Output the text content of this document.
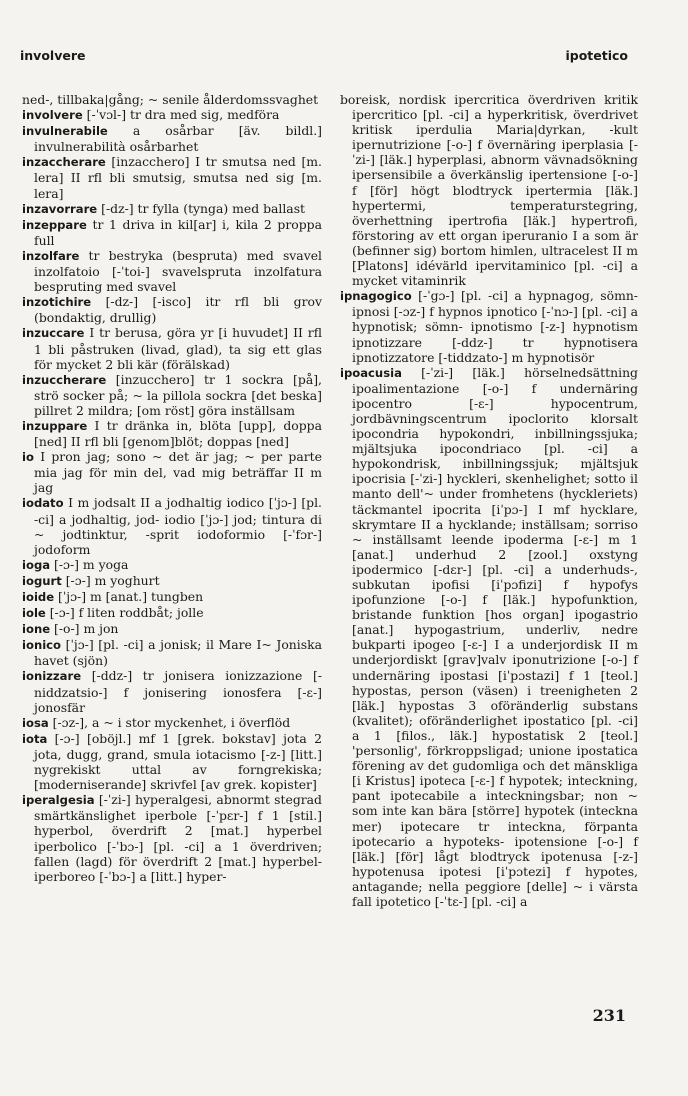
involvere	ipotetico

ned-, tillbaka|gång; ~ senile ålderdomssvaghet

involvere [-ˈvɔl-] tr dra med sig, medföra

invulnerabile a osårbar [äv. bildl.] invulnerabilità osårbarhet

inzaccherare [inzacchero] I tr smutsa ned [m. lera] II rfl bli smutsig, smutsa ned sig [m. lera]

inzavorrare [-dz-] tr fylla (tynga) med ballast

inzeppare tr 1 driva in kil[ar] i, kila 2 proppa full

inzolfare tr bestryka (bespruta) med svavel inzolfatoio [-ˈtoi-] svavelspruta inzolfatura bespruting med svavel

inzotichire [-dz-] [-isco] itr rfl bli grov (bondaktig, drullig)

inzuccare I tr berusa, göra yr [i huvudet] II rfl 1 bli påstruken (livad, glad), ta sig ett glas för mycket 2 bli kär (förälskad)

inzuccherare [inzucchero] tr 1 sockra [på], strö socker på; ~ la pillola sockra [det beska] pillret 2 mildra; [om röst] göra inställsam

inzuppare I tr dränka in, blöta [upp], doppa [ned] II rfl bli [genom]blöt; doppas [ned]

io I pron jag; sono ~ det är jag; ~ per parte mia jag för min del, vad mig beträffar II m jag

iodato I m jodsalt II a jodhaltig iodico [ˈjɔ-] [pl. -ci] a jodhaltig, jod- iodio [ˈjɔ-] jod; tintura di ~ jodtinktur, -sprit iodoformio [-ˈfɔr-] jodoform

ioga [-ɔ-] m yoga

iogurt [-ɔ-] m yoghurt

ioide [ˈjɔ-] m [anat.] tungben

iole [-ɔ-] f liten roddbåt; jolle

ione [-o-] m jon

ionico [ˈjɔ-] [pl. -ci] a jonisk; il Mare I~ Joniska havet (sjön)

ionizzare [-ddz-] tr jonisera ionizzazione [-niddzatsio-] f jonisering ionosfera [-ε-] jonosfär

iosa [-ɔz-], a ~ i stor myckenhet, i överflöd

iota [-ɔ-] [oböjl.] mf 1 [grek. bokstav] jota 2 jota, dugg, grand, smula iotacismo [-z-] [litt.] nygrekiskt uttal av forngrekiska; [moderniserande] skrivfel [av grek. kopister]

iperalgesia [-ˈzi-] hyperalgesi, abnormt stegrad smärtkänslighet iperbole [-ˈpεr-] f 1 [stil.] hyperbol, överdrift 2 [mat.] hyperbel iperbolico [-ˈbɔ-] [pl. -ci] a 1 överdriven; fallen (lagd) för överdrift 2 [mat.] hyperbel- iperboreo [-ˈbɔ-] a [litt.] hyper-

boreisk, nordisk ipercritica överdriven kritik ipercritico [pl. -ci] a hyperkritisk, överdrivet kritisk iperdulia Maria|dyrkan, -kult ipernutrizione [-o-] f övernäring iperplasia [-ˈzi-] [läk.] hyperplasi, abnorm vävnadsökning ipersensibile a överkänslig ipertensione [-o-] f [för] högt blodtryck ipertermia [läk.] hypertermi, temperaturstegring, överhettning ipertrofia [läk.] hypertrofi, förstoring av ett organ iperuranio I a som är (befinner sig) bortom himlen, ultracelest II m [Platons] idévärld ipervitaminico [pl. -ci] a mycket vitaminrik

ipnagogico [-ˈgɔ-] [pl. -ci] a hypnagog, sömn- ipnosi [-ɔz-] f hypnos ipnotico [-ˈnɔ-] [pl. -ci] a hypnotisk; sömn- ipnotismo [-z-] hypnotism ipnotizzare [-ddz-] tr hypnotisera ipnotizzatore [-tiddzato-] m hypnotisör

ipoacusia [-ˈzi-] [läk.] hörselnedsättning ipoalimentazione [-o-] f undernäring ipocentro [-ε-] hypocentrum, jordbävningscentrum ipoclorito klorsalt ipocondria hypokondri, inbillningssjuka; mjältsjuka ipocondriaco [pl. -ci] a hypokondrisk, inbillningssjuk; mjältsjuk ipocrisia [-ˈzi-] hyckleri, skenhelighet; sotto il manto dell'~ under fromhetens (hyckleriets) täckmantel ipocrita [iˈpɔ-] I mf hycklare, skrymtare II a hycklande; inställsam; sorriso ~ inställsamt leende ipoderma [-ε-] m 1 [anat.] underhud 2 [zool.] oxstyng ipodermico [-dεr-] [pl. -ci] a underhuds-, subkutan ipofisi [iˈpɔfizi] f hypofys ipofunzione [-o-] f [läk.] hypofunktion, bristande funktion [hos organ] ipogastrio [anat.] hypogastrium, underliv, nedre bukparti ipogeo [-ε-] I a underjordisk II m underjordiskt [grav]valv iponutrizione [-o-] f undernäring ipostasi [iˈpɔstazi] f 1 [teol.] hypostas, person (väsen) i treenigheten 2 [läk.] hypostas 3 oföränderlig substans (kvalitet); oföränderlighet ipostatico [pl. -ci] a 1 [filos., läk.] hypostatisk 2 [teol.] 'personlig', förkroppsligad; unione ipostatica förening av det gudomliga och det mänskliga [i Kristus] ipoteca [-ε-] f hypotek; inteckning, pant ipotecabile a inteckningsbar; non ~ som inte kan bära [större] hypotek (inteckna mer) ipotecare tr inteckna, förpanta ipotecario a hypoteks- ipotensione [-o-] f [läk.] [för] lågt blodtryck ipotenusa [-z-] hypotenusa ipotesi [iˈpɔtezi] f hypotes, antagande; nella peggiore [delle] ~ i värsta fall ipotetico [-ˈtε-] [pl. -ci] a

231
